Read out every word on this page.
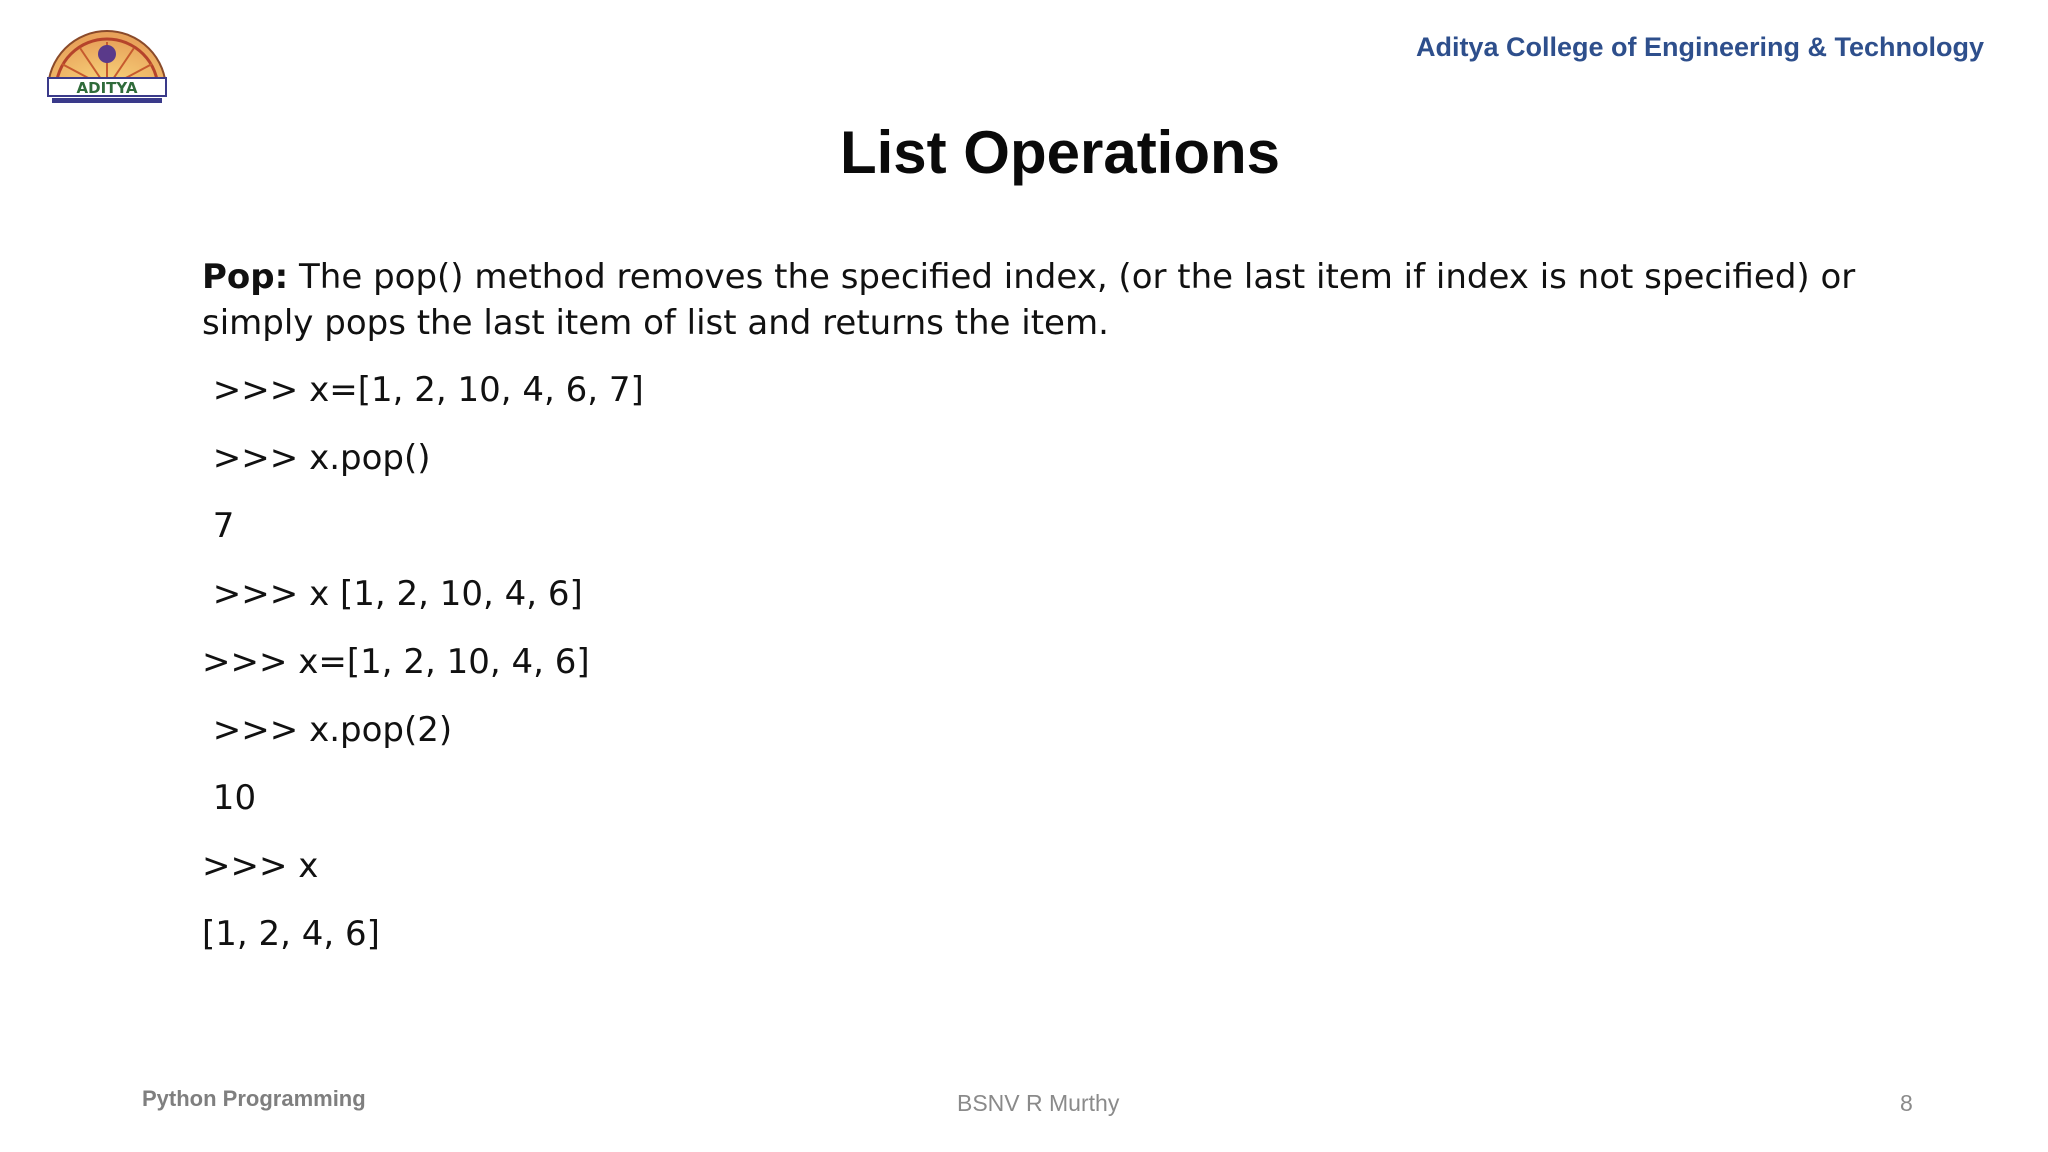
ADITYA
Aditya College of Engineering & Technology
List Operations

Pop: The pop() method removes the specified index, (or the last item if index is not specified) or simply pops the last item of list and returns the item.

>>> x=[1, 2, 10, 4, 6, 7]
>>> x.pop()
7
>>> x [1, 2, 10, 4, 6]
>>> x=[1, 2, 10, 4, 6]
>>> x.pop(2)
10
>>> x
[1, 2, 4, 6]
Python Programming	BSNV R Murthy	8
